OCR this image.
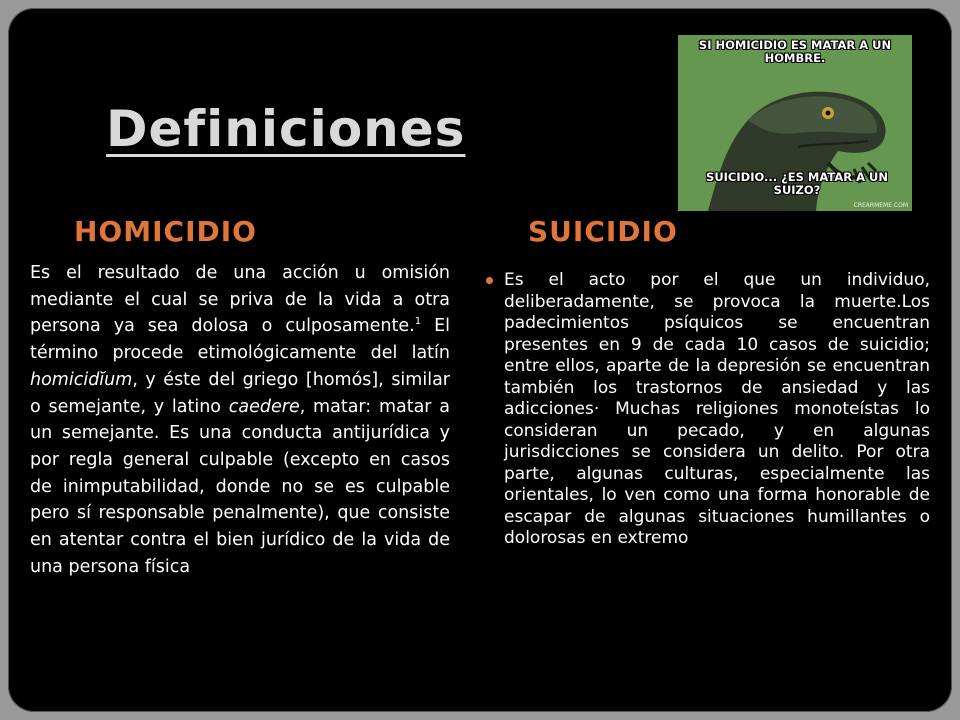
SI HOMICIDIO ES MATAR A UN HOMBRE.
SUICIDIO... ¿ES MATAR A UN SUIZO?
CREARMEME.COM
Definiciones
HOMICIDIO	SUICIDIO
Es el resultado de una acción u omisión mediante el cual se priva de la vida a otra persona ya sea dolosa o culposamente.$^1$ El término procede etimológicamente del latín homicidĭum, y éste del griego [homós], similar o semejante, y latino caedere, matar: matar a un semejante. Es una conducta antijurídica y por regla general culpable (excepto en casos de inimputabilidad, donde no se es culpable pero sí responsable penalmente), que consiste en atentar contra el bien jurídico de la vida de una persona física
Es el acto por el que un individuo, deliberadamente, se provoca la muerte.Los padecimientos psíquicos se encuentran presentes en 9 de cada 10 casos de suicidio; entre ellos, aparte de la depresión se encuentran también los trastornos de ansiedad y las adicciones· Muchas religiones monoteístas lo consideran un pecado, y en algunas jurisdicciones se considera un delito. Por otra parte, algunas culturas, especialmente las orientales, lo ven como una forma honorable de escapar de algunas situaciones humillantes o dolorosas en extremo
